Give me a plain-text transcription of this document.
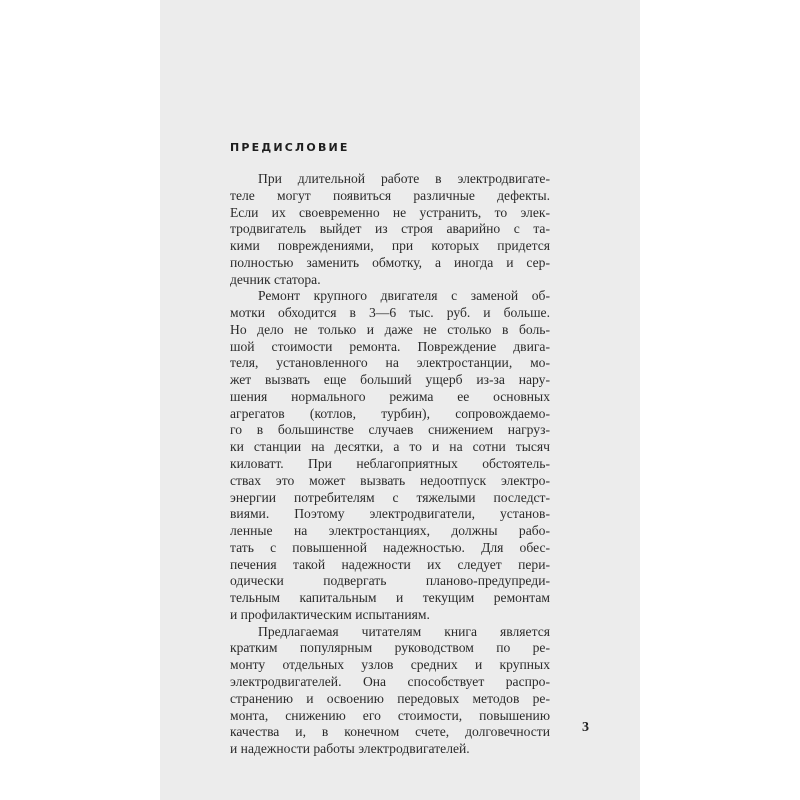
ПРЕДИСЛОВИЕ
При длительной работе в электродвигате-
теле могут появиться различные дефекты.
Если их своевременно не устранить, то элек-
тродвигатель выйдет из строя аварийно с та-
кими повреждениями, при которых придется
полностью заменить обмотку, а иногда и сер-
дечник статора.
Ремонт крупного двигателя с заменой об-
мотки обходится в 3—6 тыс. руб. и больше.
Но дело не только и даже не столько в боль-
шой стоимости ремонта. Повреждение двига-
теля, установленного на электростанции, мо-
жет вызвать еще больший ущерб из-за нару-
шения нормального режима ее основных
агрегатов (котлов, турбин), сопровождаемо-
го в большинстве случаев снижением нагруз-
ки станции на десятки, а то и на сотни тысяч
киловатт. При неблагоприятных обстоятель-
ствах это может вызвать недоотпуск электро-
энергии потребителям с тяжелыми последст-
виями. Поэтому электродвигатели, установ-
ленные на электростанциях, должны рабо-
тать с повышенной надежностью. Для обес-
печения такой надежности их следует пери-
одически подвергать планово-предупреди-
тельным капитальным и текущим ремонтам
и профилактическим испытаниям.
Предлагаемая читателям книга является
кратким популярным руководством по ре-
монту отдельных узлов средних и крупных
электродвигателей. Она способствует распро-
странению и освоению передовых методов ре-
монта, снижению его стоимости, повышению
качества и, в конечном счете, долговечности
и надежности работы электродвигателей.
3
